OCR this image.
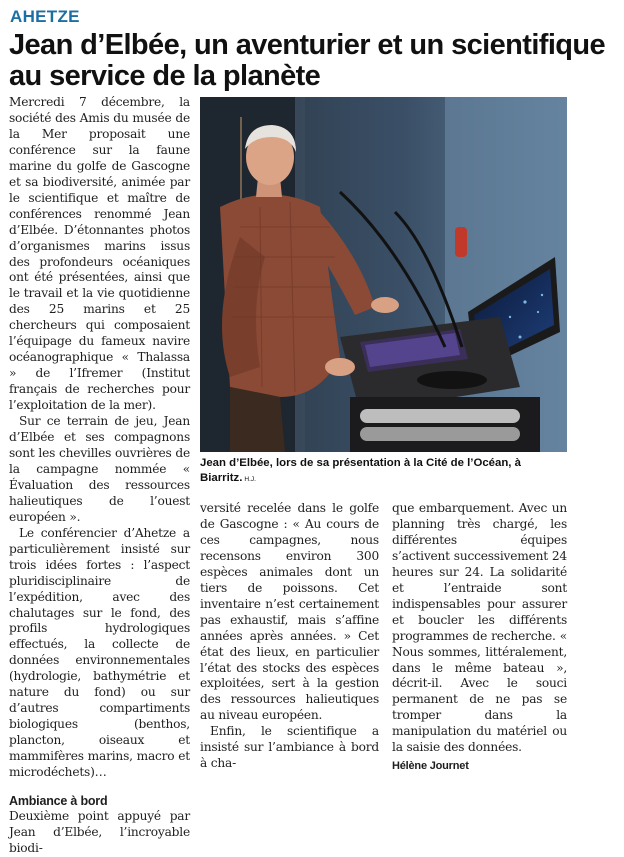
AHETZE
Jean d’Elbée, un aventurier et un scientifique au service de la planète

Mercredi 7 décembre, la société des Amis du musée de la Mer proposait une conférence sur la faune marine du golfe de Gascogne et sa biodiversité, animée par le scientifique et maître de conférences renommé Jean d’Elbée. D’étonnantes photos d’organismes marins issus des profondeurs océaniques ont été présentées, ainsi que le travail et la vie quotidienne des 25 marins et 25 chercheurs qui composaient l’équipage du fameux navire océanographique « Thalassa » de l’Ifremer (Institut français de recherches pour l’exploitation de la mer).

Sur ce terrain de jeu, Jean d’Elbée et ses compagnons sont les chevilles ouvrières de la campagne nommée « Évaluation des ressources halieutiques de l’ouest européen ».

Le conférencier d’Ahetze a particulièrement insisté sur trois idées fortes : l’aspect pluridisciplinaire de l’expédition, avec des chalutages sur le fond, des profils hydrologiques effectués, la collecte de données environnementales (hydrologie, bathymétrie et nature du fond) ou sur d’autres compartiments biologiques (benthos, plancton, oiseaux et mammifères marins, macro et microdéchets)…

Ambiance à bord

Deuxième point appuyé par Jean d’Elbée, l’incroyable biodi-

Jean d’Elbée, lors de sa présentation à la Cité de l’Océan, à Biarritz. H.J.

versité recelée dans le golfe de Gascogne : « Au cours de ces campagnes, nous recensons environ 300 espèces animales dont un tiers de poissons. Cet inventaire n’est certainement pas exhaustif, mais s’affine années après années. » Cet état des lieux, en particulier l’état des stocks des espèces exploitées, sert à la gestion des ressources halieutiques au niveau européen.

Enfin, le scientifique a insisté sur l’ambiance à bord à cha-

que embarquement. Avec un planning très chargé, les différentes équipes s’activent successivement 24 heures sur 24. La solidarité et l’entraide sont indispensables pour assurer et boucler les différents programmes de recherche. « Nous sommes, littéralement, dans le même bateau », décrit-il. Avec le souci permanent de ne pas se tromper dans la manipulation du matériel ou la saisie des données.

Hélène Journet
